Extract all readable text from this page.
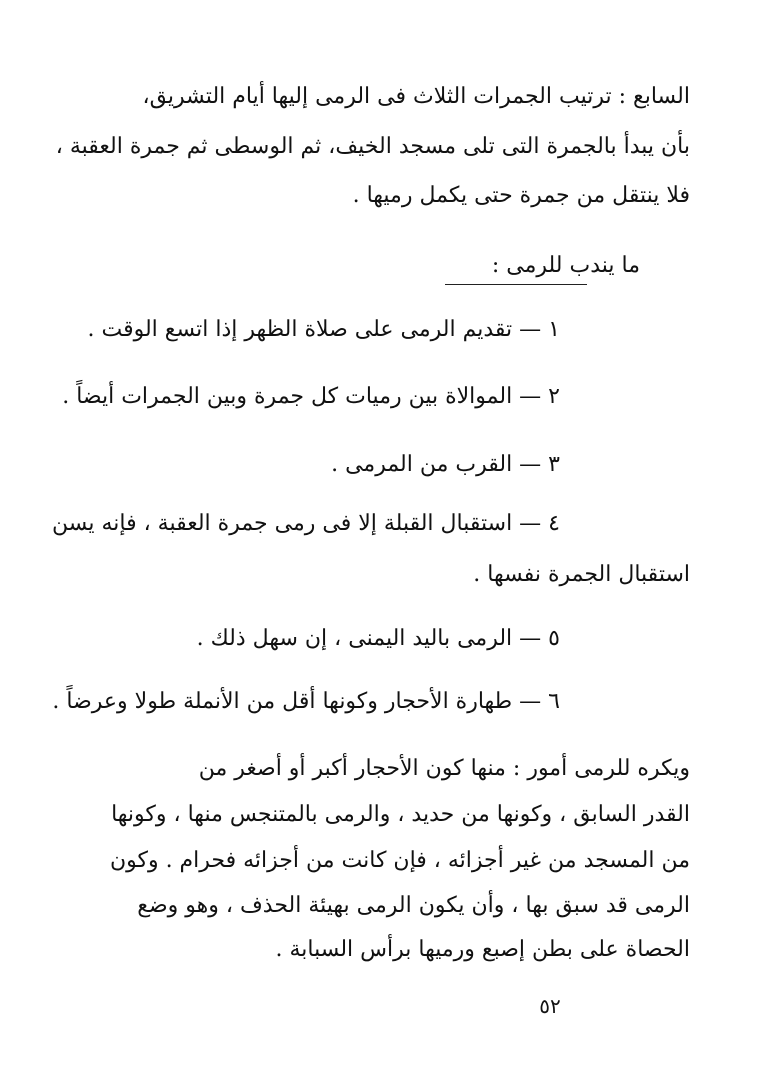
السابع : ترتيب الجمرات الثلاث فى الرمى إليها أيام التشريق،
بأن يبدأ بالجمرة التى تلى مسجد الخيف، ثم الوسطى ثم جمرة العقبة ،
فلا ينتقل من جمرة حتى يكمل رميها .
ما يندب للرمى :
١ — تقديم الرمى على صلاة الظهر إذا اتسع الوقت .
٢ — الموالاة بين رميات كل جمرة وبين الجمرات أيضاً .
٣ — القرب من المرمى .
٤ — استقبال القبلة إلا فى رمى جمرة العقبة ، فإنه يسن
استقبال الجمرة نفسها .
٥ — الرمى باليد اليمنى ، إن سهل ذلك .
٦ — طهارة الأحجار وكونها أقل من الأنملة طولا وعرضاً .
ويكره للرمى أمور : منها كون الأحجار أكبر أو أصغر من
القدر السابق ، وكونها من حديد ، والرمى بالمتنجس منها ، وكونها
من المسجد من غير أجزائه ، فإن كانت من أجزائه فحرام . وكون
الرمى قد سبق بها ، وأن يكون الرمى بهيئة الحذف ، وهو وضع
الحصاة على بطن إصبع ورميها برأس السبابة .
٥٢
